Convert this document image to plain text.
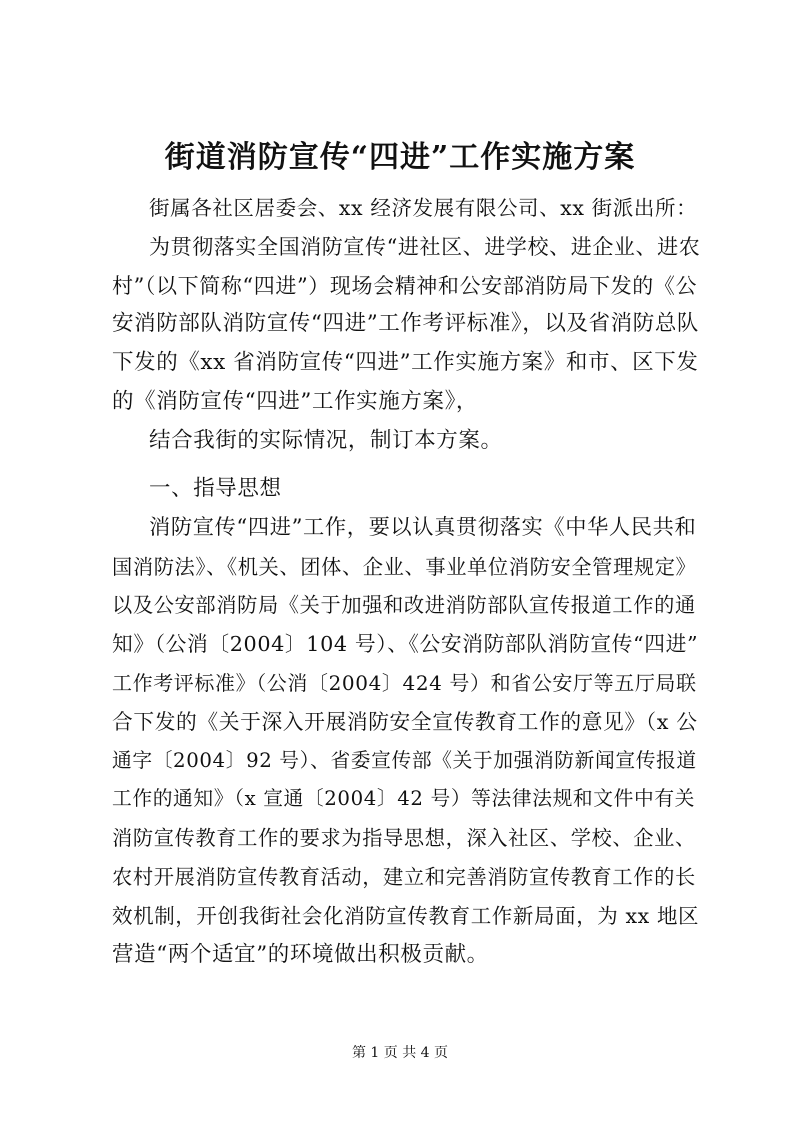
街道消防宣传“四进”工作实施方案
街属各社区居委会、xx 经济发展有限公司、xx 街派出所：
为贯彻落实全国消防宣传“进社区、进学校、进企业、进农
村”（以下简称“四进”）现场会精神和公安部消防局下发的《公
安消防部队消防宣传“四进”工作考评标准》，以及省消防总队
下发的《xx 省消防宣传“四进”工作实施方案》和市、区下发
的《消防宣传“四进”工作实施方案》，
结合我街的实际情况，制订本方案。
一、指导思想
消防宣传“四进”工作，要以认真贯彻落实《中华人民共和
国消防法》、《机关、团体、企业、事业单位消防安全管理规定》
以及公安部消防局《关于加强和改进消防部队宣传报道工作的通
知》（公消〔2004〕104 号）、《公安消防部队消防宣传“四进”
工作考评标准》（公消〔2004〕424 号）和省公安厅等五厅局联
合下发的《关于深入开展消防安全宣传教育工作的意见》（x 公
通字〔2004〕92 号）、省委宣传部《关于加强消防新闻宣传报道
工作的通知》（x 宣通〔2004〕42 号）等法律法规和文件中有关
消防宣传教育工作的要求为指导思想，深入社区、学校、企业、
农村开展消防宣传教育活动，建立和完善消防宣传教育工作的长
效机制，开创我街社会化消防宣传教育工作新局面，为 xx 地区
营造“两个适宜”的环境做出积极贡献。
第 1 页 共 4 页
